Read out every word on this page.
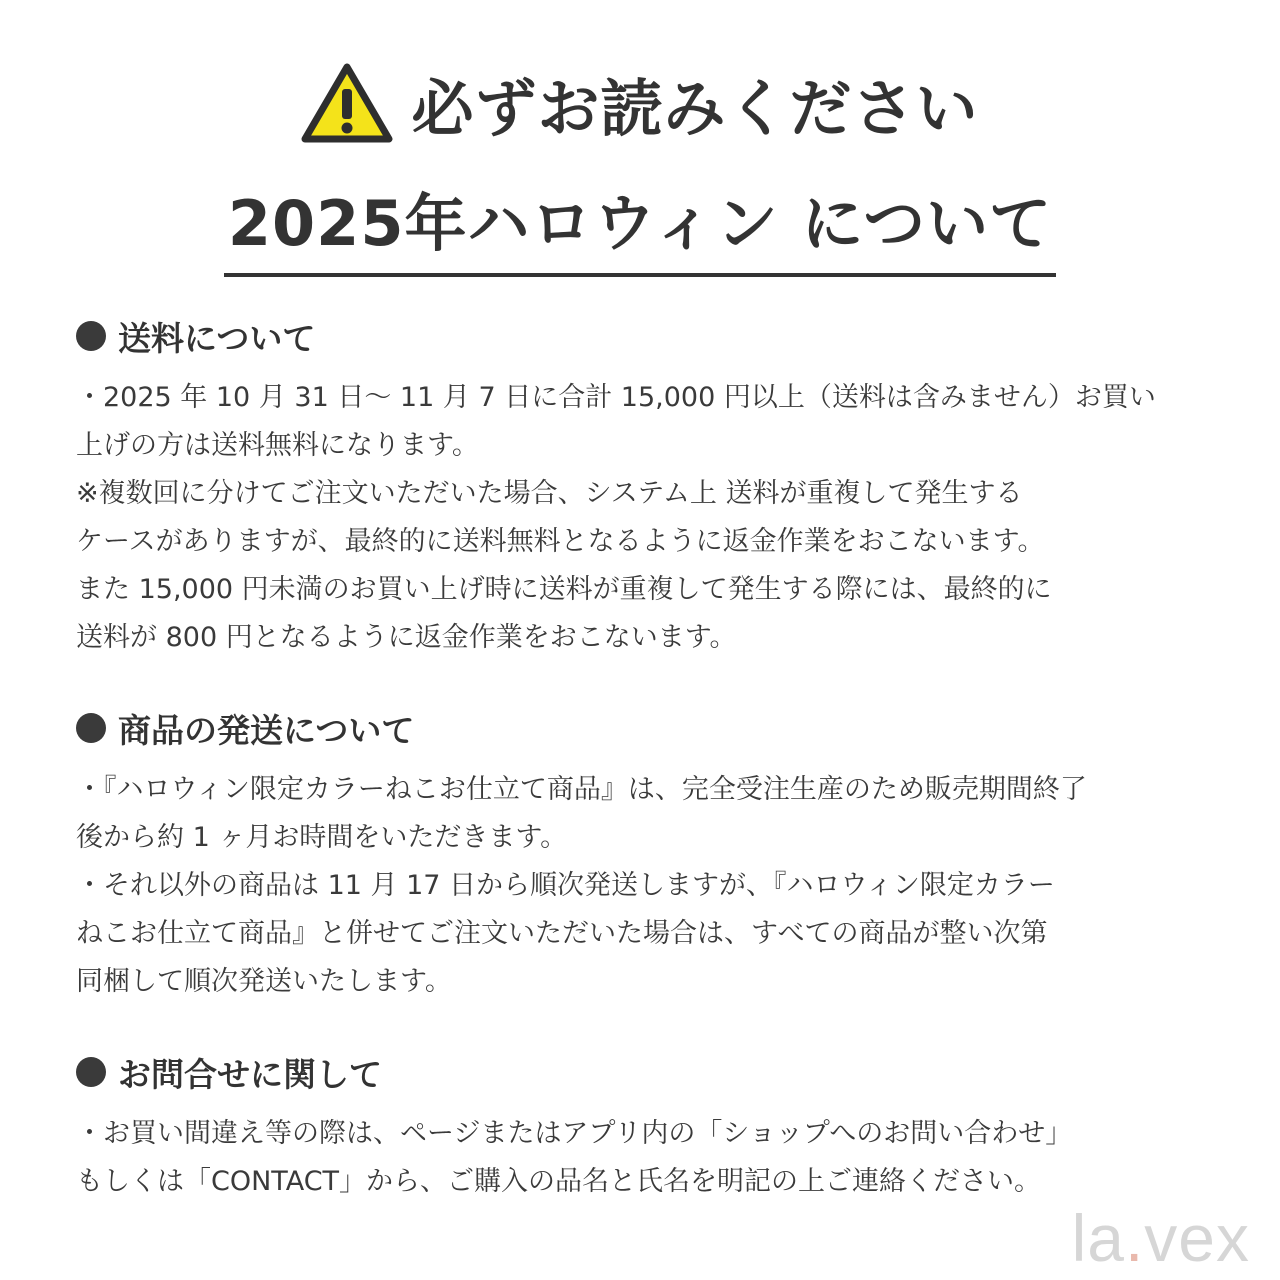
必ずお読みください
2025年ハロウィン について
送料について

・2025 年 10 月 31 日〜 11 月 7 日に合計 15,000 円以上（送料は含みません）お買い
上げの方は送料無料になります。

※複数回に分けてご注文いただいた場合、システム上 送料が重複して発生する
ケースがありますが、最終的に送料無料となるように返金作業をおこないます。
また 15,000 円未満のお買い上げ時に送料が重複して発生する際には、最終的に
送料が 800 円となるように返金作業をおこないます。

商品の発送について

・『ハロウィン限定カラーねこお仕立て商品』は、完全受注生産のため販売期間終了
後から約 1 ヶ月お時間をいただきます。

・それ以外の商品は 11 月 17 日から順次発送しますが、『ハロウィン限定カラー
ねこお仕立て商品』と併せてご注文いただいた場合は、すべての商品が整い次第
同梱して順次発送いたします。

お問合せに関して

・お買い間違え等の際は、ページまたはアプリ内の「ショップへのお問い合わせ」
もしくは「CONTACT」から、ご購入の品名と氏名を明記の上ご連絡ください。

la.vex
